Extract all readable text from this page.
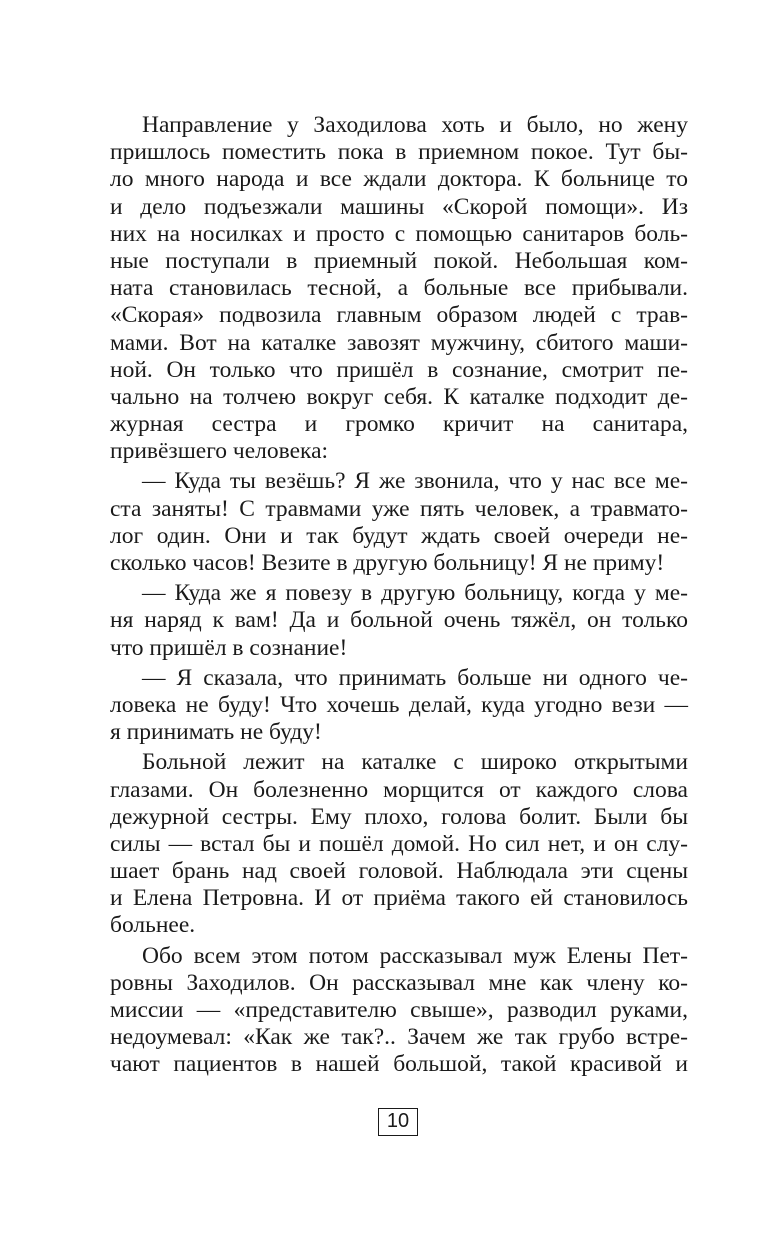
Направление у Заходилова хоть и было, но жену
пришлось поместить пока в приемном покое. Тут бы-
ло много народа и все ждали доктора. К больнице то
и дело подъезжали машины «Скорой помощи». Из
них на носилках и просто с помощью санитаров боль-
ные поступали в приемный покой. Небольшая ком-
ната становилась тесной, а больные все прибывали.
«Скорая» подвозила главным образом людей с трав-
мами. Вот на каталке завозят мужчину, сбитого маши-
ной. Он только что пришёл в сознание, смотрит пе-
чально на толчею вокруг себя. К каталке подходит де-
журная сестра и громко кричит на санитара,
привёзшего человека:
— Куда ты везёшь? Я же звонила, что у нас все ме-
ста заняты! С травмами уже пять человек, а травмато-
лог один. Они и так будут ждать своей очереди не-
сколько часов! Везите в другую больницу! Я не приму!
— Куда же я повезу в другую больницу, когда у ме-
ня наряд к вам! Да и больной очень тяжёл, он только
что пришёл в сознание!
— Я сказала, что принимать больше ни одного че-
ловека не буду! Что хочешь делай, куда угодно вези —
я принимать не буду!
Больной лежит на каталке с широко открытыми
глазами. Он болезненно морщится от каждого слова
дежурной сестры. Ему плохо, голова болит. Были бы
силы — встал бы и пошёл домой. Но сил нет, и он слу-
шает брань над своей головой. Наблюдала эти сцены
и Елена Петровна. И от приёма такого ей становилось
больнее.
Обо всем этом потом рассказывал муж Елены Пет-
ровны Заходилов. Он рассказывал мне как члену ко-
миссии — «представителю свыше», разводил руками,
недоумевал: «Как же так?.. Зачем же так грубо встре-
чают пациентов в нашей большой, такой красивой и
10
